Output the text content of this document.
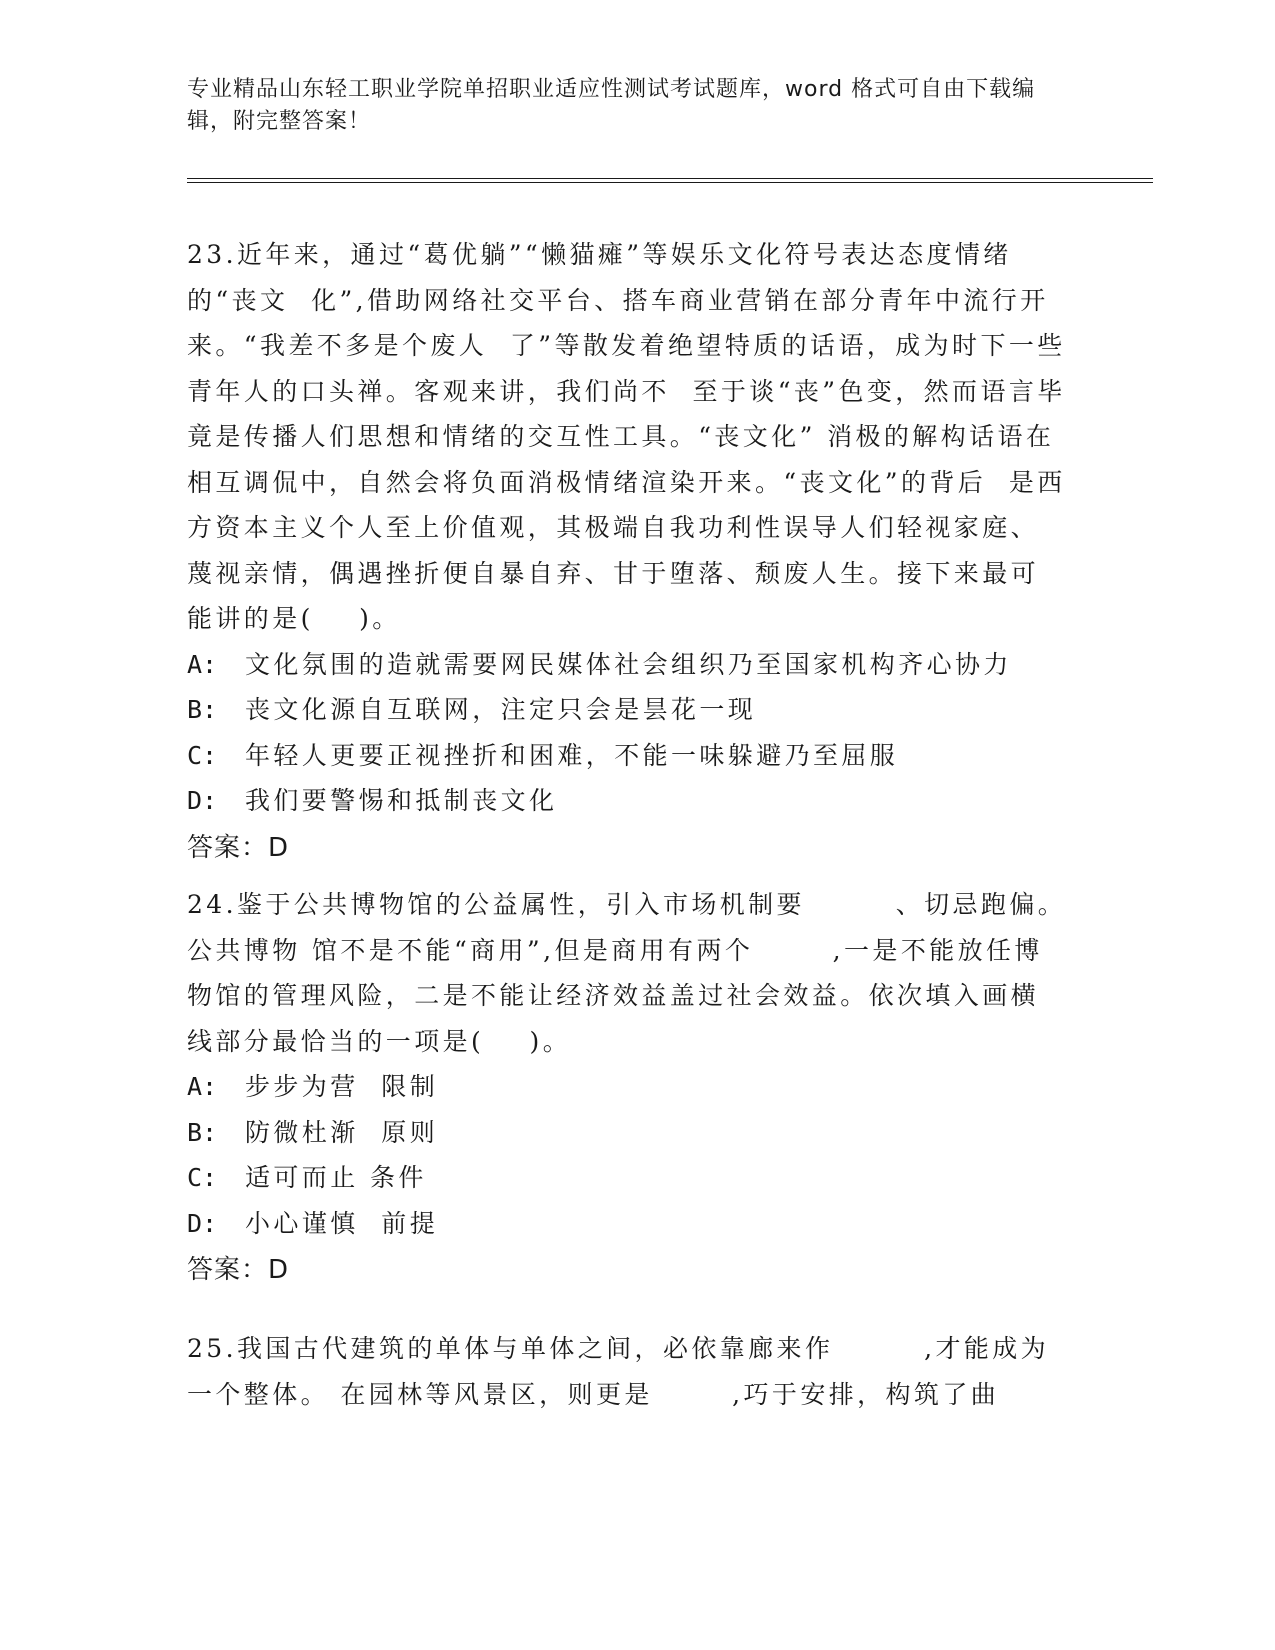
专业精品山东轻工职业学院单招职业适应性测试考试题库，word 格式可自由下载编辑，附完整答案！

23.近年来，通过“葛优躺”“懒猫瘫”等娱乐文化符号表达态度情绪的“丧文  化”,借助网络社交平台、搭车商业营销在部分青年中流行开来。“我差不多是个废人  了”等散发着绝望特质的话语，成为时下一些青年人的口头禅。客观来讲，我们尚不  至于谈“丧”色变，然而语言毕竟是传播人们思想和情绪的交互性工具。“丧文化” 消极的解构话语在相互调侃中，自然会将负面消极情绪渲染开来。“丧文化”的背后  是西方资本主义个人至上价值观，其极端自我功利性误导人们轻视家庭、蔑视亲情，偶遇挫折便自暴自弃、甘于堕落、颓废人生。接下来最可能讲的是(    )。

A: 文化氛围的造就需要网民媒体社会组织乃至国家机构齐心协力
B: 丧文化源自互联网，注定只会是昙花一现
C: 年轻人更要正视挫折和困难，不能一味躲避乃至屈服
D: 我们要警惕和抵制丧文化
答案：D

24.鉴于公共博物馆的公益属性，引入市场机制要        、切忌跑偏。公共博物 馆不是不能“商用”,但是商用有两个       ,一是不能放任博物馆的管理风险，二是不能让经济效益盖过社会效益。依次填入画横线部分最恰当的一项是(    )。

A: 步步为营  限制
B: 防微杜渐  原则
C: 适可而止 条件
D: 小心谨慎  前提
答案：D

25.我国古代建筑的单体与单体之间，必依靠廊来作        ,才能成为一个整体。 在园林等风景区，则更是       ,巧于安排，构筑了曲
